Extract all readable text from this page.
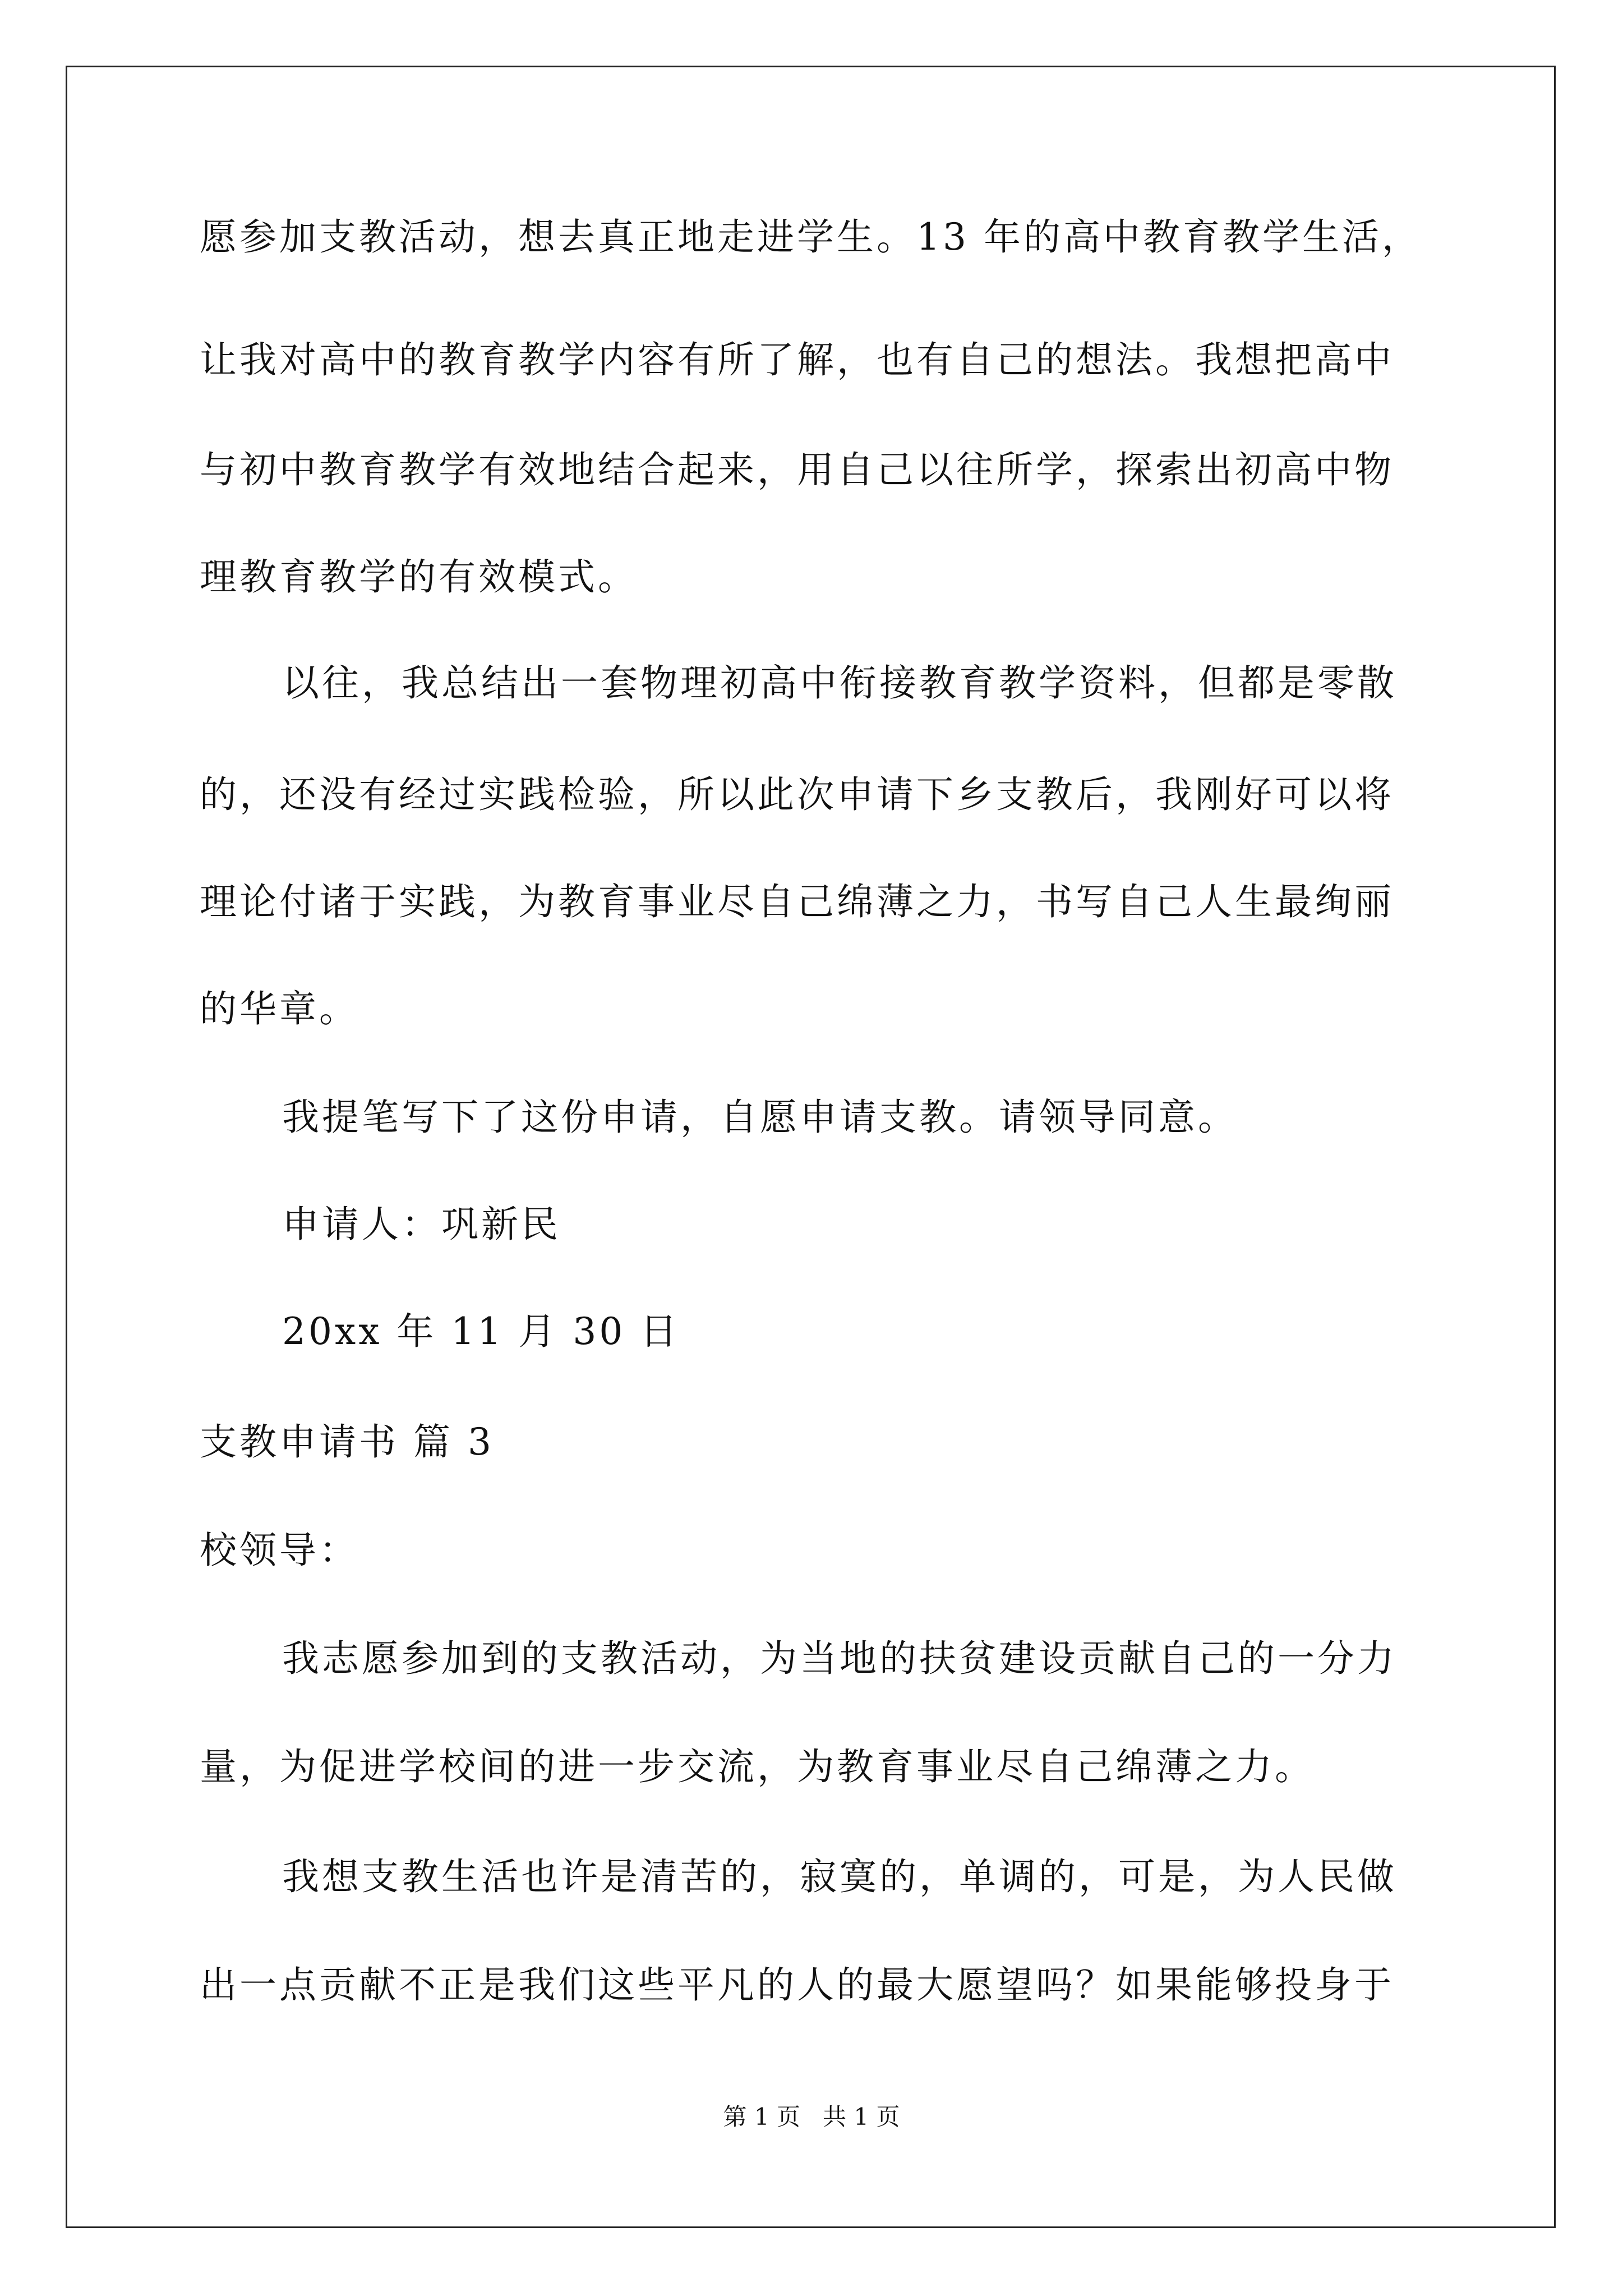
愿参加支教活动，想去真正地走进学生。13 年的高中教育教学生活，
让我对高中的教育教学内容有所了解，也有自己的想法。我想把高中
与初中教育教学有效地结合起来，用自己以往所学，探索出初高中物
理教育教学的有效模式。
以往，我总结出一套物理初高中衔接教育教学资料，但都是零散
的，还没有经过实践检验，所以此次申请下乡支教后，我刚好可以将
理论付诸于实践，为教育事业尽自己绵薄之力，书写自己人生最绚丽
的华章。
我提笔写下了这份申请，自愿申请支教。请领导同意。
申请人：巩新民
20xx 年 11 月 30 日
支教申请书 篇 3
校领导：
我志愿参加到的支教活动，为当地的扶贫建设贡献自己的一分力
量，为促进学校间的进一步交流，为教育事业尽自己绵薄之力。
我想支教生活也许是清苦的，寂寞的，单调的，可是，为人民做
出一点贡献不正是我们这些平凡的人的最大愿望吗？如果能够投身于
第 1 页   共 1 页
